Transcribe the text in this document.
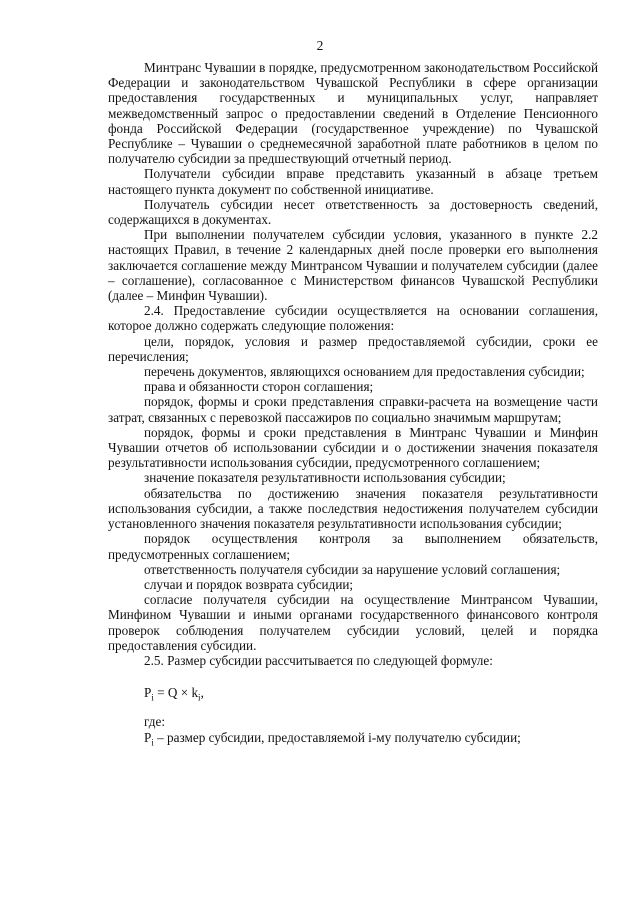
2

Минтранс Чувашии в порядке, предусмотренном законодательством Российской Федерации и законодательством Чувашской Республики в сфере организации предоставления государственных и муниципальных услуг, направляет межведомственный запрос о предоставлении сведений в Отделение Пенсионного фонда Российской Федерации (государственное учреждение) по Чувашской Республике – Чувашии о среднемесячной заработной плате работников в целом по получателю субсидии за предшествующий отчетный период.

Получатели субсидии вправе представить указанный в абзаце третьем настоящего пункта документ по собственной инициативе.

Получатель субсидии несет ответственность за достоверность сведений, содержащихся в документах.

При выполнении получателем субсидии условия, указанного в пункте 2.2 настоящих Правил, в течение 2 календарных дней после проверки его выполнения заключается соглашение между Минтрансом Чувашии и получателем субсидии (далее – соглашение), согласованное с Министерством финансов Чувашской Республики (далее – Минфин Чувашии).

2.4. Предоставление субсидии осуществляется на основании соглашения, которое должно содержать следующие положения:

цели, порядок, условия и размер предоставляемой субсидии, сроки ее перечисления;

перечень документов, являющихся основанием для предоставления субсидии;

права и обязанности сторон соглашения;

порядок, формы и сроки представления справки-расчета на возмещение части затрат, связанных с перевозкой пассажиров по социально значимым маршрутам;

порядок, формы и сроки представления в Минтранс Чувашии и Минфин Чувашии отчетов об использовании субсидии и о достижении значения показателя результативности использования субсидии, предусмотренного соглашением;

значение показателя результативности использования субсидии;

обязательства по достижению значения показателя результативности использования субсидии, а также последствия недостижения получателем субсидии установленного значения показателя результативности использования субсидии;

порядок осуществления контроля за выполнением обязательств, предусмотренных соглашением;

ответственность получателя субсидии за нарушение условий соглашения;

случаи и порядок возврата субсидии;

согласие получателя субсидии на осуществление Минтрансом Чувашии, Минфином Чувашии и иными органами государственного финансового контроля проверок соблюдения получателем субсидии условий, целей и порядка предоставления субсидии.

2.5. Размер субсидии рассчитывается по следующей формуле:

$P_i = Q \times k_i$,

где:

$P_i$ – размер субсидии, предоставляемой i-му получателю субсидии;
